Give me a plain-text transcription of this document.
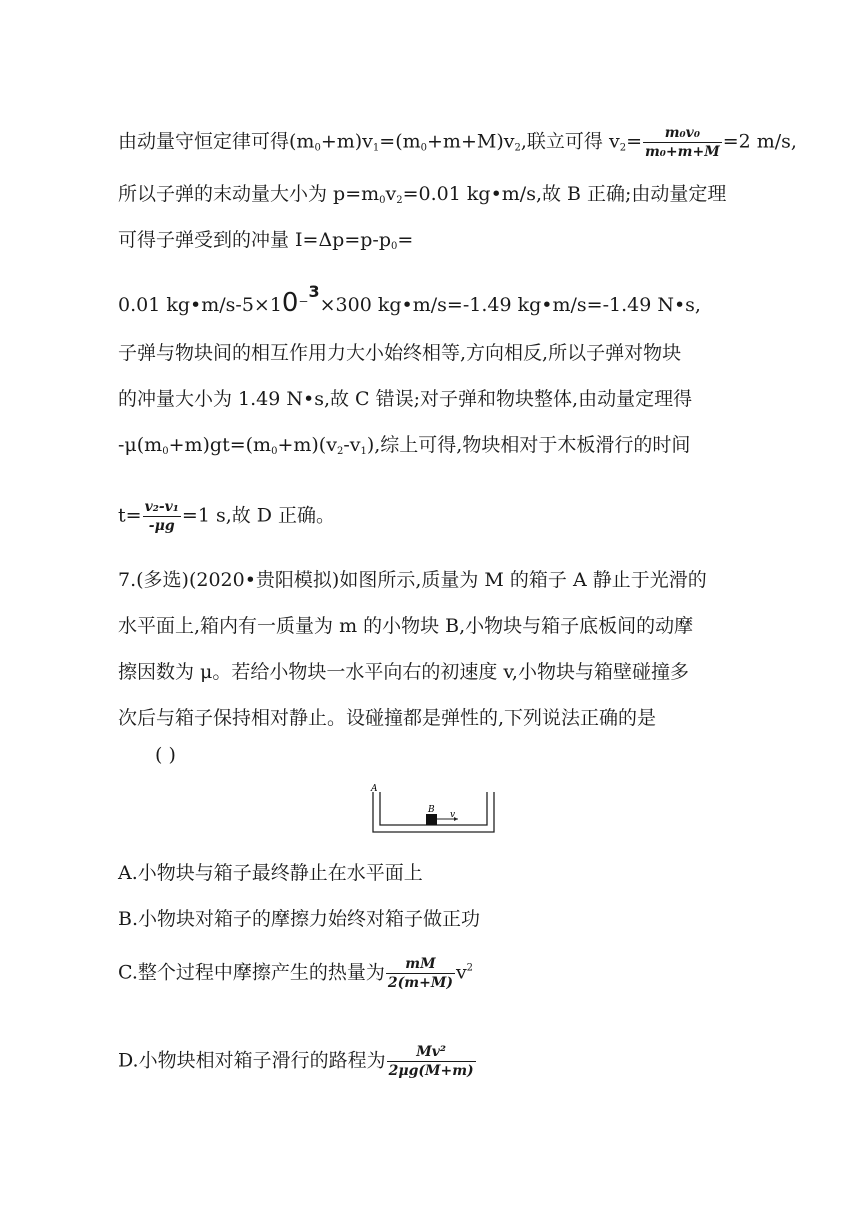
由动量守恒定律可得$(m_0+m)v_1=(m_0+m+M)v_2$,联立可得 $v_2= \frac{\text{m₀v₀}}{\text{m₀+m+M}} =2$ m/s,
所以子弹的末动量大小为 $p=m_0v_2=0.01$ kg•m/s,故 B 正确;由动量定理
可得子弹受到的冲量 $I=\Delta p=p-p_0=$
0.01 kg•m/s-5×10⁻$^3$×300 kg•m/s=-1.49 kg•m/s=-1.49 N•s,
子弹与物块间的相互作用力大小始终相等,方向相反,所以子弹对物块
的冲量大小为 1.49 N•s,故 C 错误;对子弹和物块整体,由动量定理得
$-\mu(m_0+m)gt=(m_0+m)(v_2-v_1)$,综上可得,物块相对于木板滑行的时间
$t= \frac{\text{v₂-v₁}}{-\mu g} =1$ s,故 D 正确。
7.(多选)(2020•贵阳模拟)如图所示,质量为 M 的箱子 A 静止于光滑的
水平面上,箱内有一质量为 m 的小物块 B,小物块与箱子底板间的动摩
擦因数为 μ。若给小物块一水平向右的初速度 v,小物块与箱壁碰撞多
次后与箱子保持相对静止。设碰撞都是弹性的,下列说法正确的是
( )
A
B v
A.小物块与箱子最终静止在水平面上
B.小物块对箱子的摩擦力始终对箱子做正功
C.整个过程中摩擦产生的热量为 $\frac{mM}{2(m+M)} v^2$
D.小物块相对箱子滑行的路程为 $\frac{\text{Mv²}}{2\mu g(M+m)}$
